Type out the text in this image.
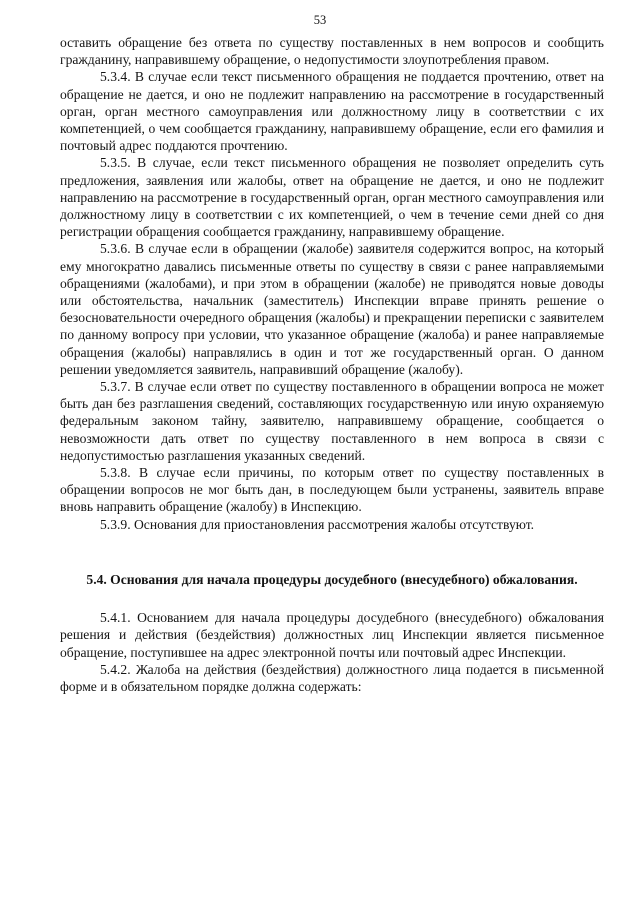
53

оставить обращение без ответа по существу поставленных в нем вопросов и сообщить гражданину, направившему обращение, о недопустимости злоупотребления правом.

5.3.4. В случае если текст письменного обращения не поддается прочтению, ответ на обращение не дается, и оно не подлежит направлению на рассмотрение в государственный орган, орган местного самоуправления или должностному лицу в соответствии с их компетенцией, о чем сообщается гражданину, направившему обращение, если его фамилия и почтовый адрес поддаются прочтению.

5.3.5. В случае, если текст письменного обращения не позволяет определить суть предложения, заявления или жалобы, ответ на обращение не дается, и оно не подлежит направлению на рассмотрение в государственный орган, орган местного самоуправления или должностному лицу в соответствии с их компетенцией, о чем в течение семи дней со дня регистрации обращения сообщается гражданину, направившему обращение.

5.3.6. В случае если в обращении (жалобе) заявителя содержится вопрос, на который ему многократно давались письменные ответы по существу в связи с ранее направляемыми обращениями (жалобами), и при этом в обращении (жалобе) не приводятся новые доводы или обстоятельства, начальник (заместитель) Инспекции вправе принять решение о безосновательности очередного обращения (жалобы) и прекращении переписки с заявителем по данному вопросу при условии, что указанное обращение (жалоба) и ранее направляемые обращения (жалобы) направлялись в один и тот же государственный орган. О данном решении уведомляется заявитель, направивший обращение (жалобу).

5.3.7. В случае если ответ по существу поставленного в обращении вопроса не может быть дан без разглашения сведений, составляющих государственную или иную охраняемую федеральным законом тайну, заявителю, направившему обращение, сообщается о невозможности дать ответ по существу поставленного в нем вопроса в связи с недопустимостью разглашения указанных сведений.

5.3.8. В случае если причины, по которым ответ по существу поставленных в обращении вопросов не мог быть дан, в последующем были устранены, заявитель вправе вновь направить обращение (жалобу) в Инспекцию.

5.3.9. Основания для приостановления рассмотрения жалобы отсутствуют.

5.4. Основания для начала процедуры досудебного (внесудебного) обжалования.

5.4.1. Основанием для начала процедуры досудебного (внесудебного) обжалования решения и действия (бездействия) должностных лиц Инспекции является письменное обращение, поступившее на адрес электронной почты или почтовый адрес Инспекции.

5.4.2. Жалоба на действия (бездействия) должностного лица подается в письменной форме и в обязательном порядке должна содержать:
